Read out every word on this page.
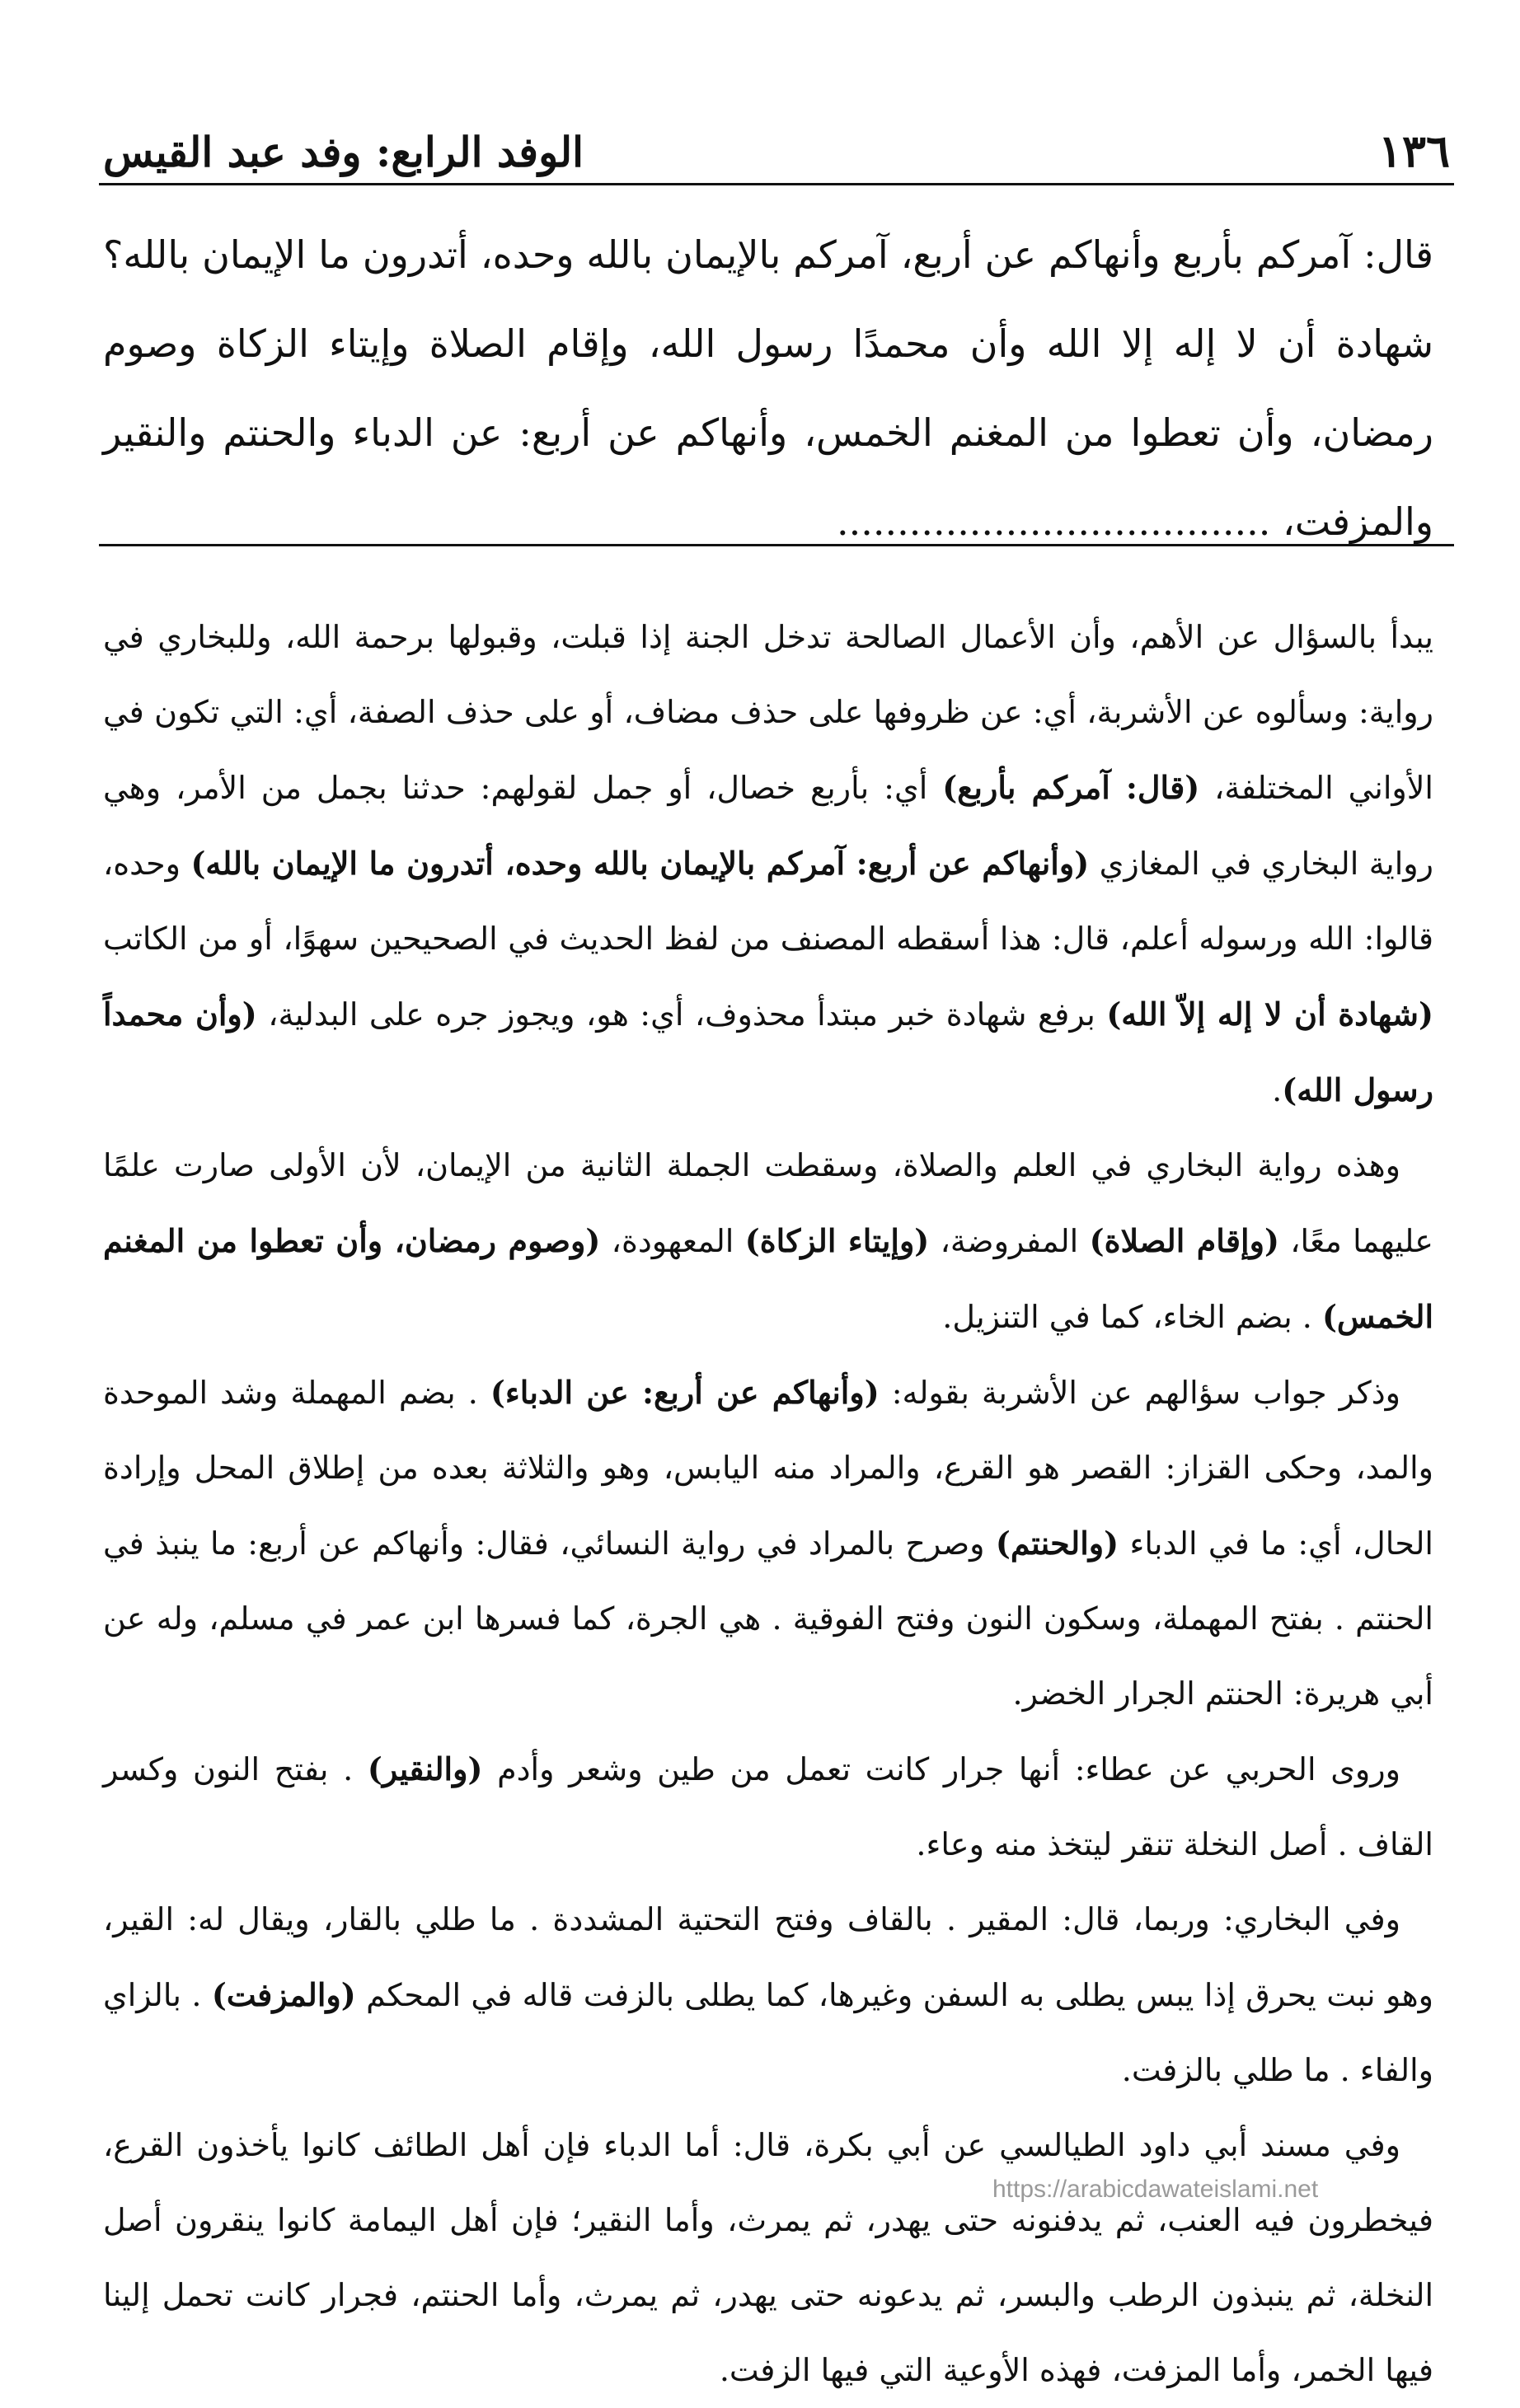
١٣٦
الوفد الرابع: وفد عبد القيس
قال: آمركم بأربع وأنهاكم عن أربع، آمركم بالإيمان بالله وحده، أتدرون ما الإيمان بالله؟ شهادة أن لا إله إلا الله وأن محمدًا رسول الله، وإقام الصلاة وإيتاء الزكاة وصوم رمضان، وأن تعطوا من المغنم الخمس، وأنهاكم عن أربع: عن الدباء والحنتم والنقير والمزفت، ....................................

يبدأ بالسؤال عن الأهم، وأن الأعمال الصالحة تدخل الجنة إذا قبلت، وقبولها برحمة الله، وللبخاري في رواية: وسألوه عن الأشربة، أي: عن ظروفها على حذف مضاف، أو على حذف الصفة، أي: التي تكون في الأواني المختلفة، (قال: آمركم بأربع) أي: بأربع خصال، أو جمل لقولهم: حدثنا بجمل من الأمر، وهي رواية البخاري في المغازي (وأنهاكم عن أربع: آمركم بالإيمان بالله وحده، أتدرون ما الإيمان بالله) وحده، قالوا: الله ورسوله أعلم، قال: هذا أسقطه المصنف من لفظ الحديث في الصحيحين سهوًا، أو من الكاتب (شهادة أن لا إله إلاّ الله) برفع شهادة خبر مبتدأ محذوف، أي: هو، ويجوز جره على البدلية، (وأن محمداً رسول الله).

وهذه رواية البخاري في العلم والصلاة، وسقطت الجملة الثانية من الإيمان، لأن الأولى صارت علمًا عليهما معًا، (وإقام الصلاة) المفروضة، (وإيتاء الزكاة) المعهودة، (وصوم رمضان، وأن تعطوا من المغنم الخمس) . بضم الخاء، كما في التنزيل.

وذكر جواب سؤالهم عن الأشربة بقوله: (وأنهاكم عن أربع: عن الدباء) . بضم المهملة وشد الموحدة والمد، وحكى القزاز: القصر هو القرع، والمراد منه اليابس، وهو والثلاثة بعده من إطلاق المحل وإرادة الحال، أي: ما في الدباء (والحنتم) وصرح بالمراد في رواية النسائي، فقال: وأنهاكم عن أربع: ما ينبذ في الحنتم . بفتح المهملة، وسكون النون وفتح الفوقية . هي الجرة، كما فسرها ابن عمر في مسلم، وله عن أبي هريرة: الحنتم الجرار الخضر.

وروى الحربي عن عطاء: أنها جرار كانت تعمل من طين وشعر وأدم (والنقير) . بفتح النون وكسر القاف . أصل النخلة تنقر ليتخذ منه وعاء.

وفي البخاري: وربما، قال: المقير . بالقاف وفتح التحتية المشددة . ما طلي بالقار، ويقال له: القير، وهو نبت يحرق إذا يبس يطلى به السفن وغيرها، كما يطلى بالزفت قاله في المحكم (والمزفت) . بالزاي والفاء . ما طلي بالزفت.

وفي مسند أبي داود الطيالسي عن أبي بكرة، قال: أما الدباء فإن أهل الطائف كانوا يأخذون القرع، فيخطرون فيه العنب، ثم يدفنونه حتى يهدر، ثم يمرث، وأما النقير؛ فإن أهل اليمامة كانوا ينقرون أصل النخلة، ثم ينبذون الرطب والبسر، ثم يدعونه حتى يهدر، ثم يمرث، وأما الحنتم، فجرار كانت تحمل إلينا فيها الخمر، وأما المزفت، فهذه الأوعية التي فيها الزفت.

https://arabicdawateislami.net
